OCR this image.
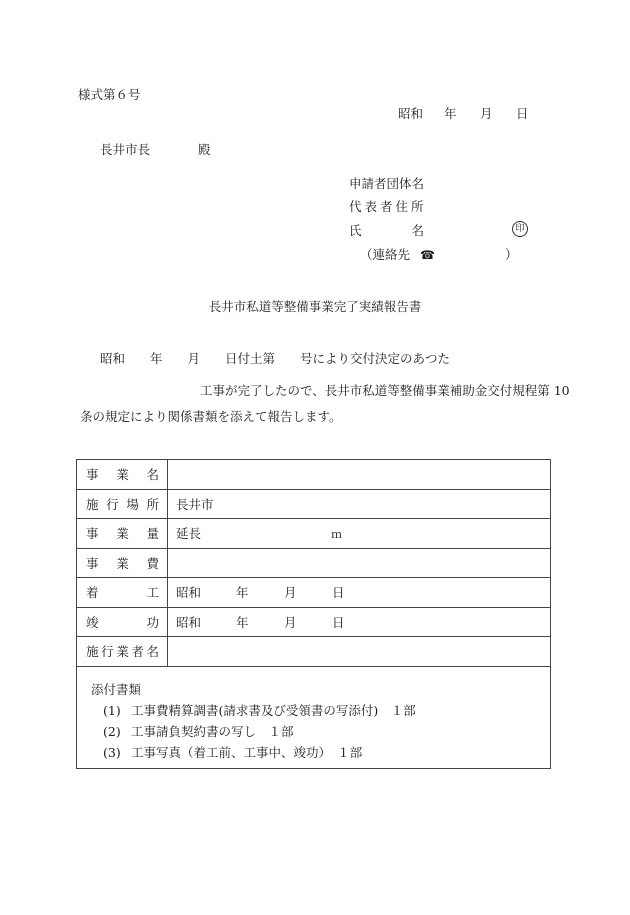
様式第６号
昭和 年 月 日
長井市長	殿
申請者団体名
代表者住所
氏	名	印
（連絡先 ☎	）
長井市私道等整備事業完了実績報告書
昭和　　年　　月　　日付土第　　号により交付決定のあつた
工事が完了したので、長井市私道等整備事業補助金交付規程第 10
条の規定により関係書類を添えて報告します。
事 業 名	

施 行 場 所	長井市

事 業 量	延長 ｍ

事 業 費	

着 工	昭和 年 月 日

竣 功	昭和 年 月 日

施 行 業 者 名	

添付書類
(1) 工事費精算調書(請求書及び受領書の写添付)　１部
(2) 工事請負契約書の写し　１部
(3) 工事写真（着工前、工事中、竣功）　１部
